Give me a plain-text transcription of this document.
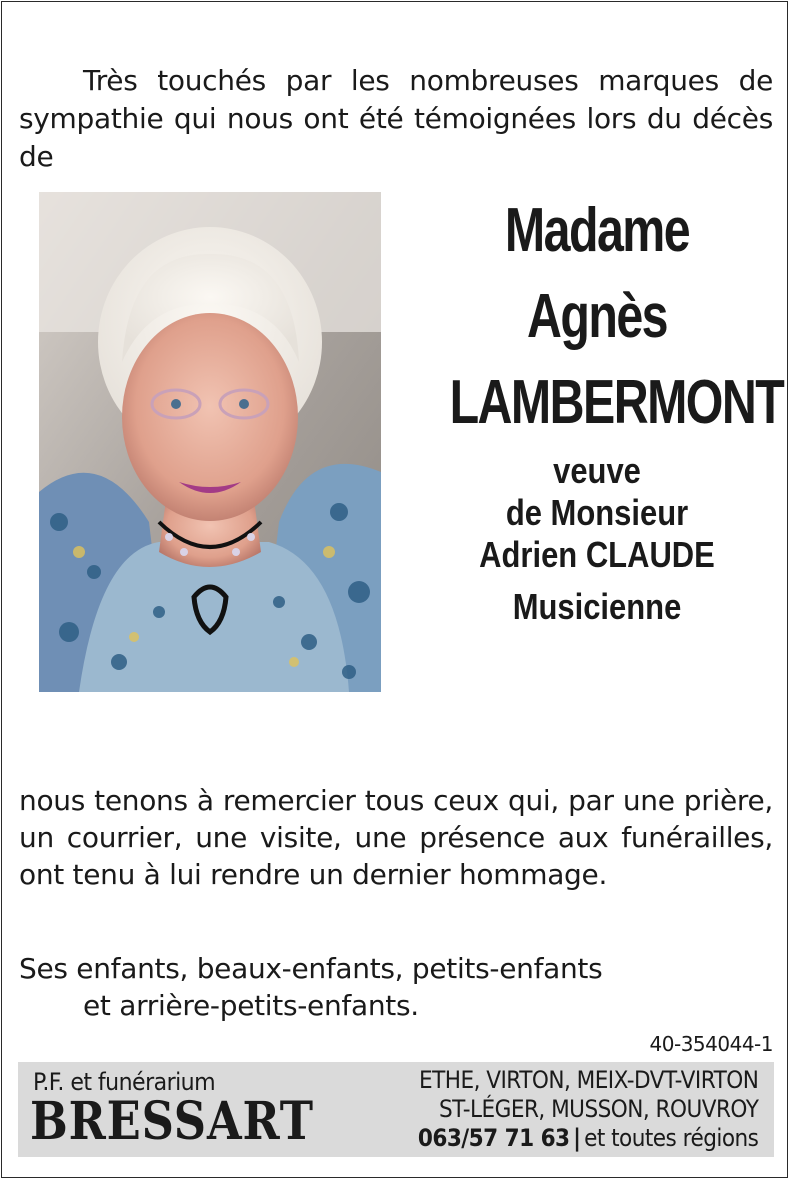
Très touchés par les nombreuses marques de sympathie qui nous ont été témoignées lors du décès de

Madame
Agnès
LAMBERMONT
veuve
de Monsieur
Adrien CLAUDE
Musicienne

nous tenons à remercier tous ceux qui, par une prière, un courrier, une visite, une présence aux funérailles, ont tenu à lui rendre un dernier hommage.

Ses enfants, beaux-enfants, petits-enfants
et arrière-petits-enfants.
40-354044-1
P.F. et funérarium
BRESSART
ETHE, VIRTON, MEIX-DVT-VIRTON
ST-LÉGER, MUSSON, ROUVROY
063/57 71 63 | et toutes régions
